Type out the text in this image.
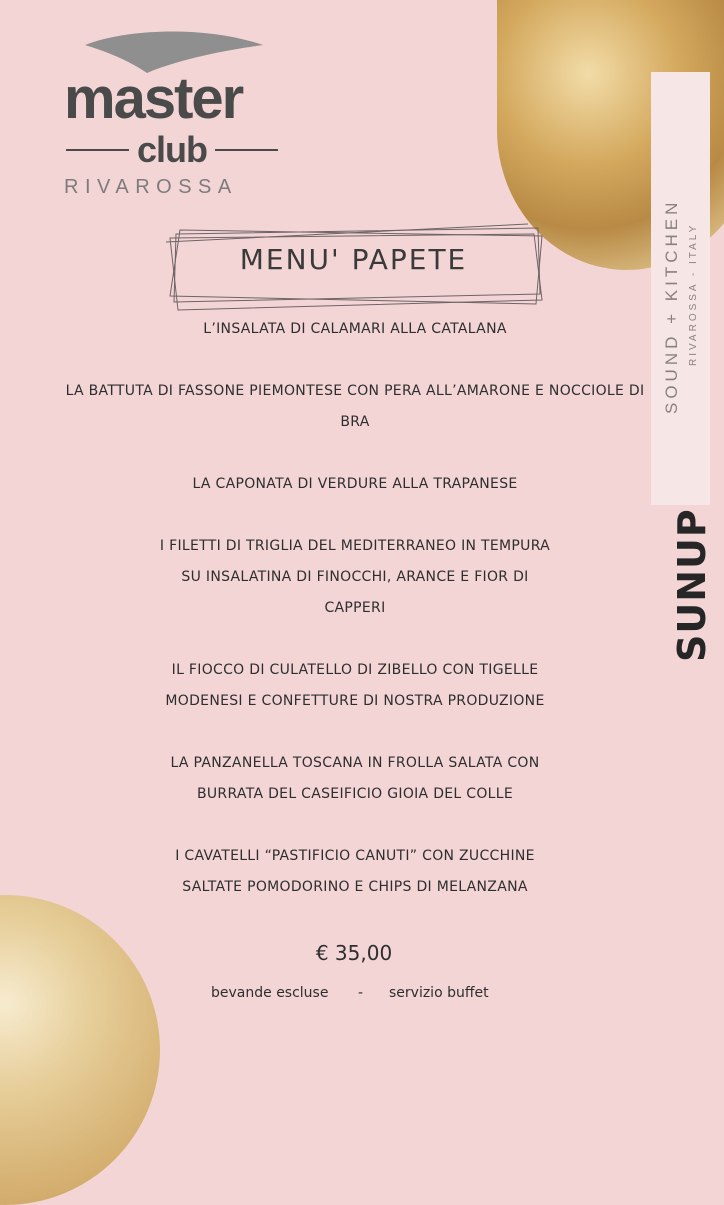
SOUND + KITCHEN RIVAROSSA - ITALY
SUNUP
master
club
RIVAROSSA
MENU' PAPETE
L’INSALATA DI CALAMARI ALLA CATALANA
LA BATTUTA DI FASSONE PIEMONTESE CON PERA ALL’AMARONE E NOCCIOLE DI
BRA
LA CAPONATA DI VERDURE ALLA TRAPANESE
I FILETTI DI TRIGLIA DEL MEDITERRANEO IN TEMPURA
SU INSALATINA DI FINOCCHI, ARANCE E FIOR DI
CAPPERI
IL FIOCCO DI CULATELLO DI ZIBELLO CON TIGELLE
MODENESI E CONFETTURE DI NOSTRA PRODUZIONE
LA PANZANELLA TOSCANA IN FROLLA SALATA CON
BURRATA DEL CASEIFICIO GIOIA DEL COLLE
I CAVATELLI “PASTIFICIO CANUTI” CON ZUCCHINE
SALTATE POMODORINO E CHIPS DI MELANZANA
€ 35,00
bevande escluse - servizio buffet
